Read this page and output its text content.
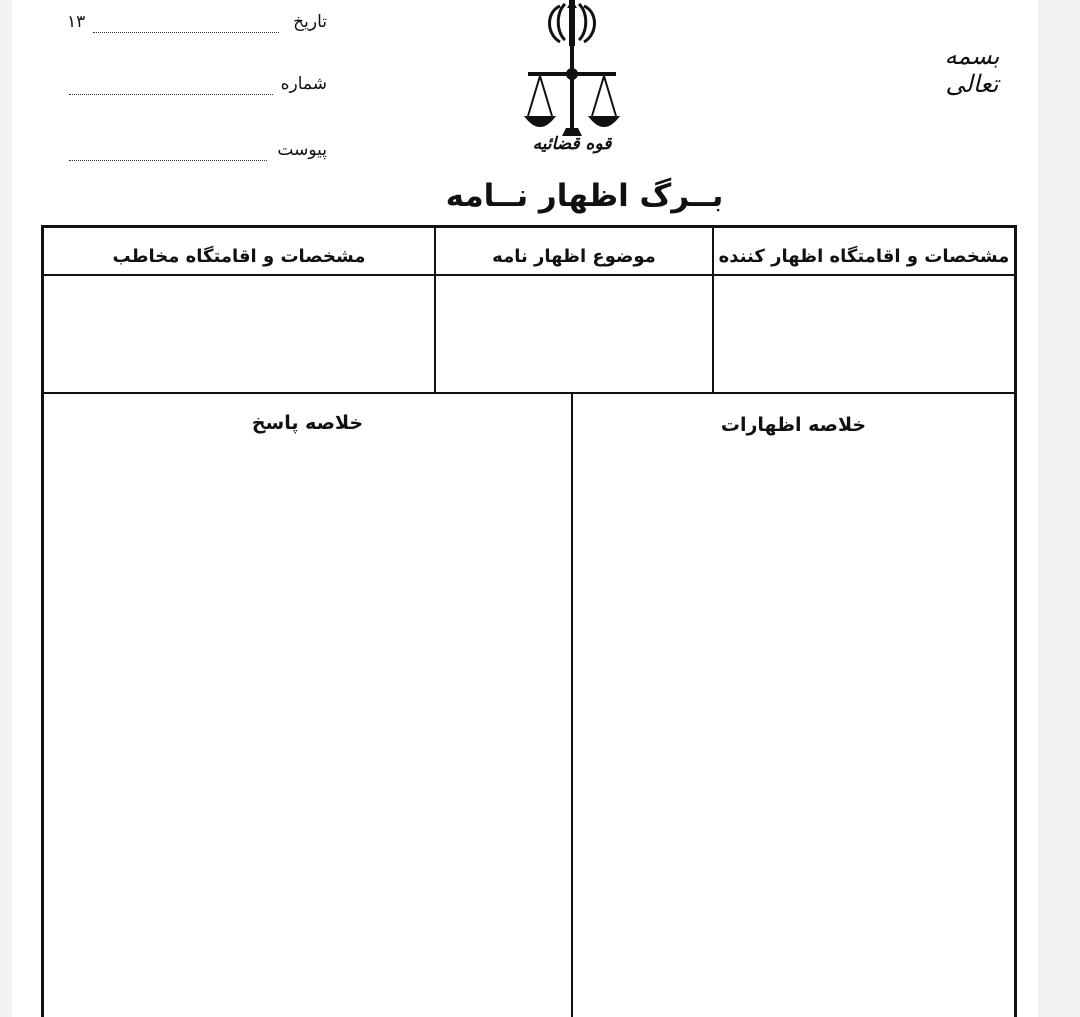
تاریخ
۱۳
شماره
پیوست
بسمه تعالی
قوه قضائیه
بــرگ اظهار نــامه
مشخصات و اقامتگاه اظهار کننده
موضوع اظهار نامه
مشخصات و اقامتگاه مخاطب
خلاصه اظهارات
خلاصه پاسخ
